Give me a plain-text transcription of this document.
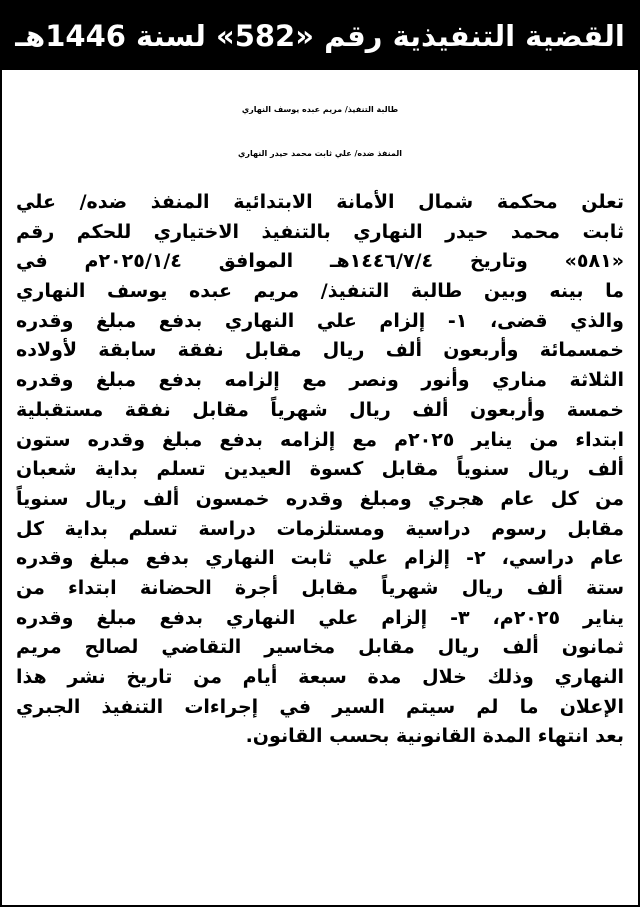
القضية التنفيذية رقم «582» لسنة 1446هـ
طالبة التنفيذ/ مريم عبده يوسف النهاري
المنفذ ضده/ علي ثابت محمد حيدر النهاري
تعلن محكمة شمال الأمانة الابتدائية المنفذ ضده/ علي
ثابت محمد حيدر النهاري بالتنفيذ الاختياري للحكم رقم
«٥٨١» وتاريخ ١٤٤٦/٧/٤هـ الموافق ٢٠٢٥/١/٤م في
ما بينه وبين طالبة التنفيذ/ مريم عبده يوسف النهاري
والذي قضى، ١- إلزام علي النهاري بدفع مبلغ وقدره
خمسمائة وأربعون ألف ريال مقابل نفقة سابقة لأولاده
الثلاثة مناري وأنور ونصر مع إلزامه بدفع مبلغ وقدره
خمسة وأربعون ألف ريال شهرياً مقابل نفقة مستقبلية
ابتداء من يناير ٢٠٢٥م مع إلزامه بدفع مبلغ وقدره ستون
ألف ريال سنوياً مقابل كسوة العيدين تسلم بداية شعبان
من كل عام هجري ومبلغ وقدره خمسون ألف ريال سنوياً
مقابل رسوم دراسية ومستلزمات دراسة تسلم بداية كل
عام دراسي، ٢- إلزام علي ثابت النهاري بدفع مبلغ وقدره
ستة ألف ريال شهرياً مقابل أجرة الحضانة ابتداء من
يناير ٢٠٢٥م، ٣- إلزام علي النهاري بدفع مبلغ وقدره
ثمانون ألف ريال مقابل مخاسير التقاضي لصالح مريم
النهاري وذلك خلال مدة سبعة أيام من تاريخ نشر هذا
الإعلان ما لم سيتم السير في إجراءات التنفيذ الجبري
بعد انتهاء المدة القانونية بحسب القانون.
